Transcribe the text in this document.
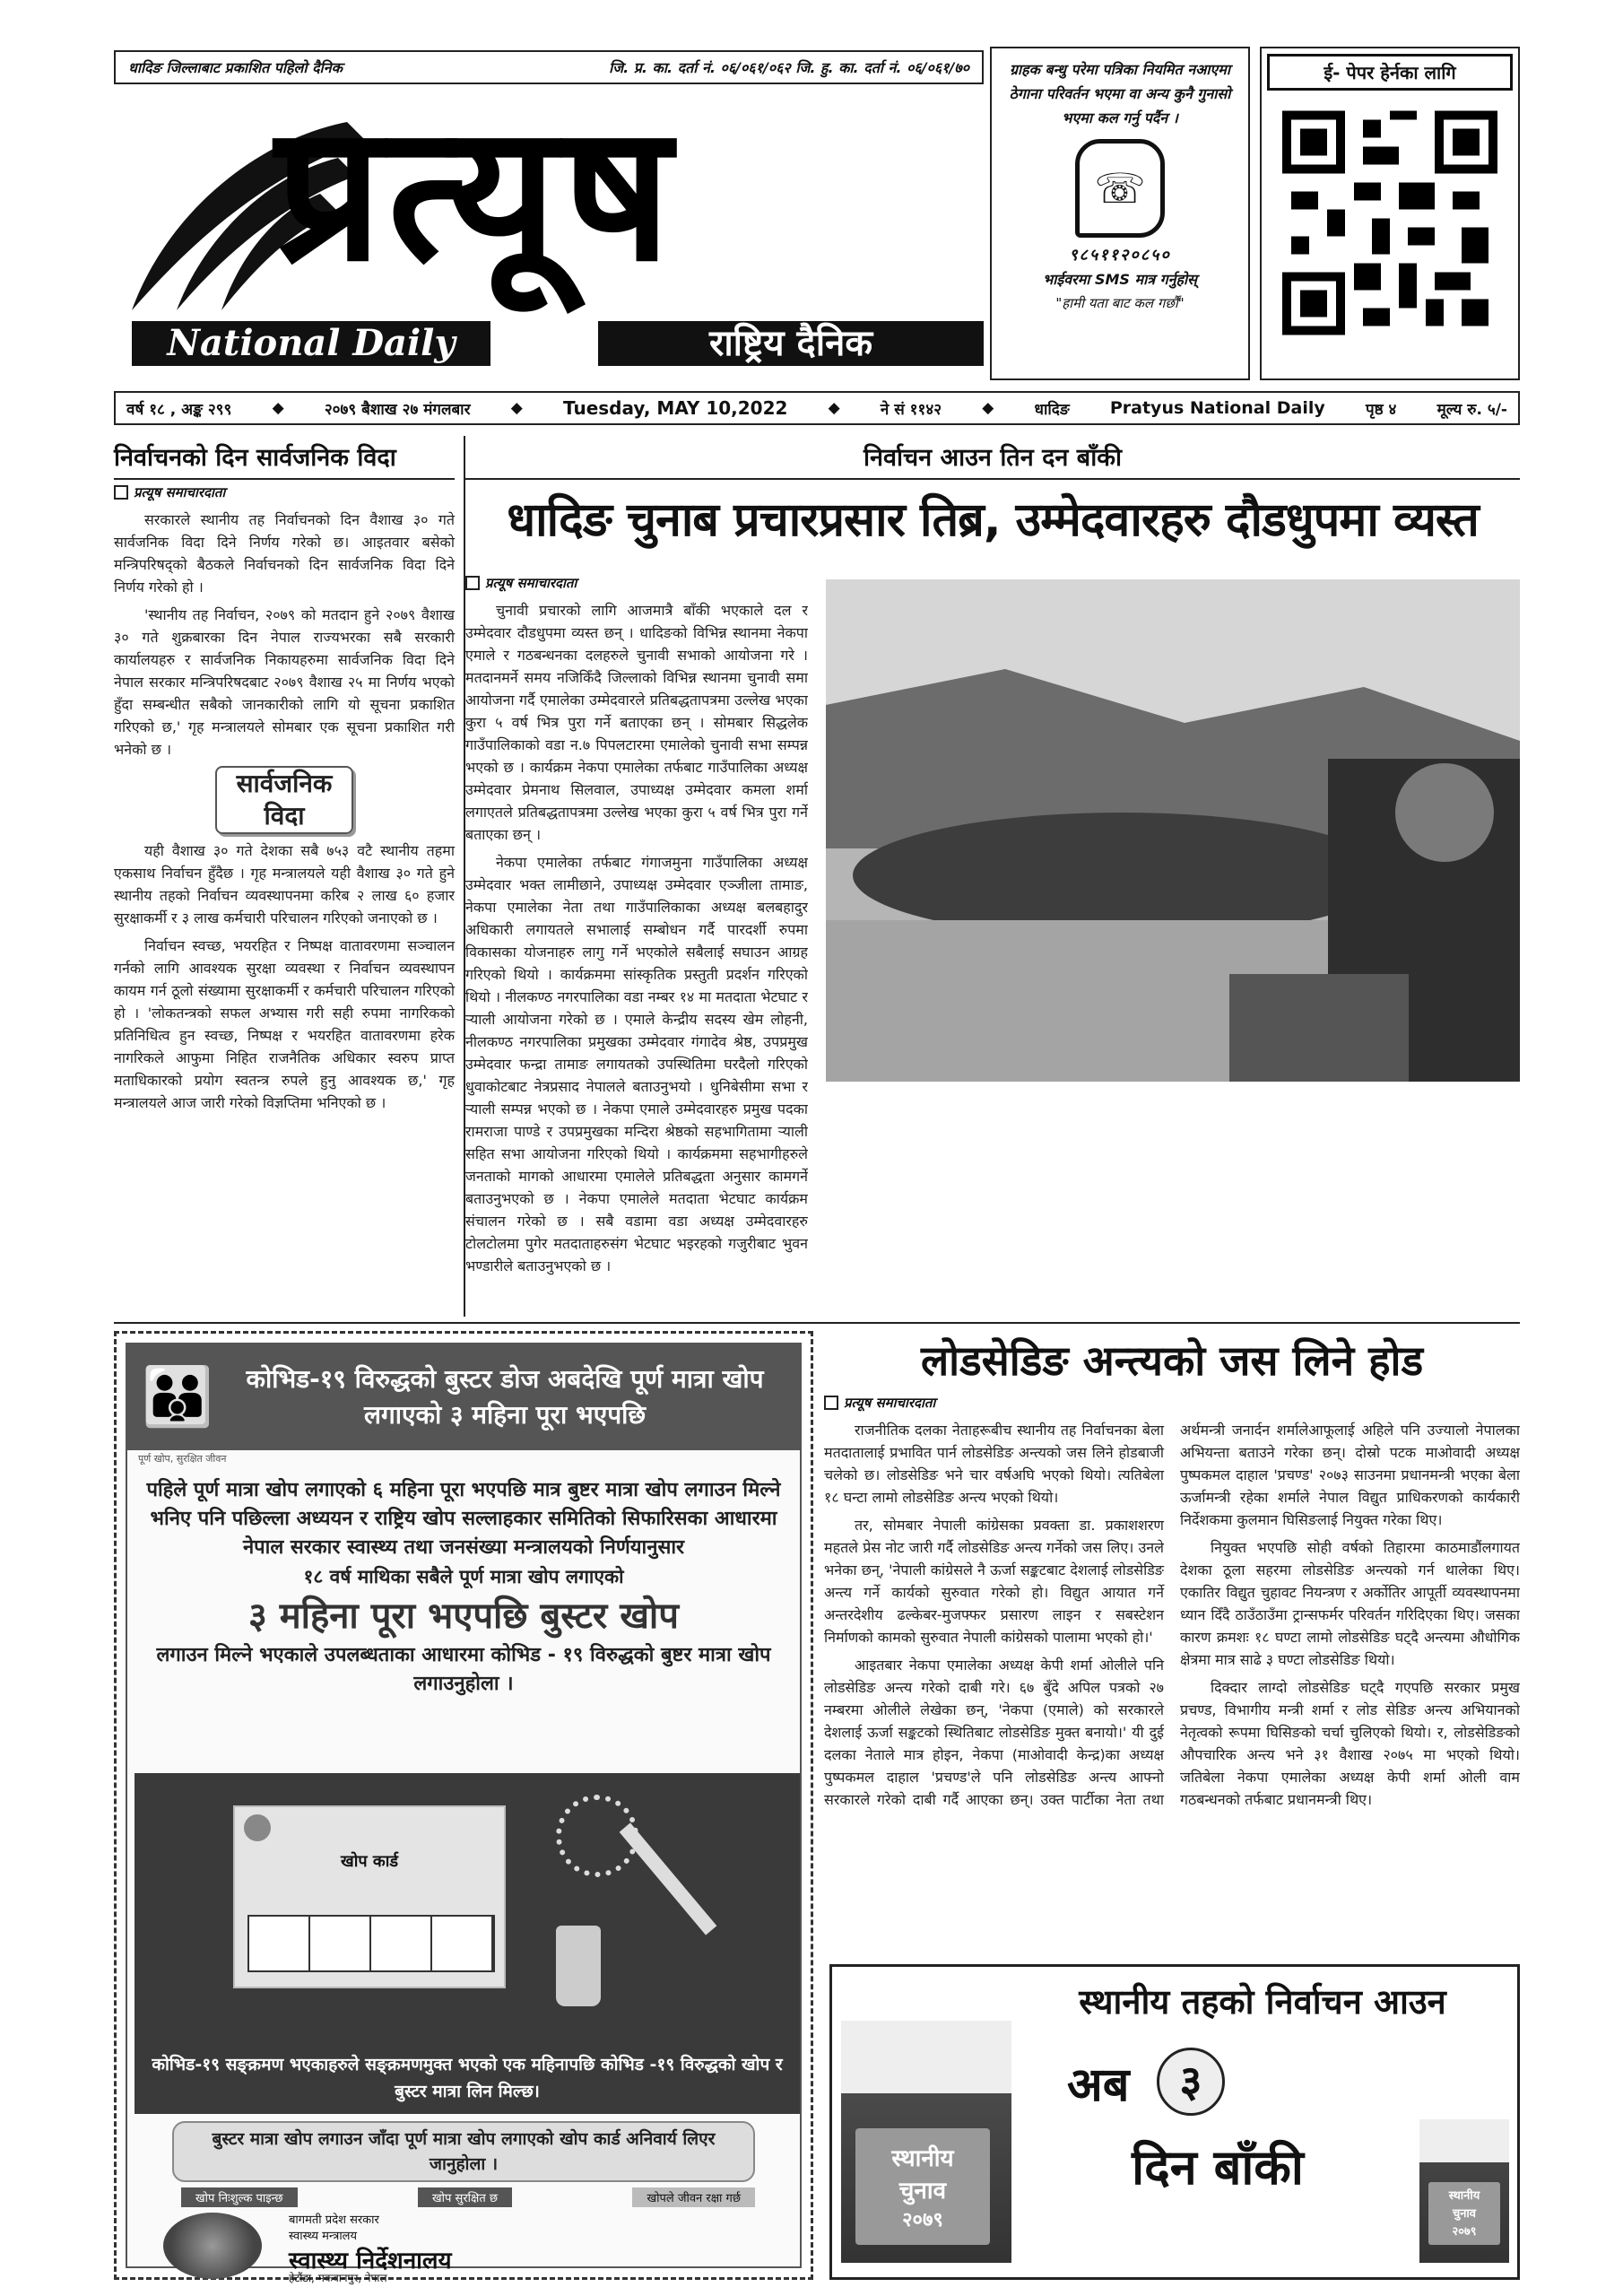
धादिङ जिल्लाबाट प्रकाशित पहिलो दैनिक	जि. प्र. का. दर्ता नं. ०६/०६१/०६२ जि. हु. का. दर्ता नं. ०६/०६१/७०
प्रत्यूष
National Daily	राष्ट्रिय दैनिक
ग्राहक बन्धु परेमा पत्रिका नियमित नआएमा ठेगाना परिवर्तन भएमा वा अन्य कुनै गुनासो भएमा कल गर्नु पर्दैन ।
☏
९८५११२०८५०
भाईवरमा SMS मात्र गर्नुहोस्
"हामी यता बाट कल गर्छौं"
ई- पेपर हेर्नका लागि
वर्ष १८ , अङ्क २९९	◆	२०७९ बैशाख २७ मंगलबार	◆ Tuesday, MAY 10,2022	◆	ने सं ११४२	◆	धादिङ Pratyus National Daily	पृष्ठ ४	मूल्य रु. ५/-
निर्वाचनको दिन सार्वजनिक विदा
प्रत्यूष समाचारदाता

सरकारले स्थानीय तह निर्वाचनको दिन वैशाख ३० गते सार्वजनिक विदा दिने निर्णय गरेको छ। आइतवार बसेको मन्त्रिपरिषद्को बैठकले निर्वाचनको दिन सार्वजनिक विदा दिने निर्णय गरेको हो ।

'स्थानीय तह निर्वाचन, २०७९ को मतदान हुने २०७९ वैशाख ३० गते शुक्रबारका दिन नेपाल राज्यभरका सबै सरकारी कार्यालयहरु र सार्वजनिक निकायहरुमा सार्वजनिक विदा दिने नेपाल सरकार मन्त्रिपरिषदबाट २०७९ वैशाख २५ मा निर्णय भएको हुँदा सम्बन्धीत सबैको जानकारीको लागि यो सूचना प्रकाशित गरिएको छ,' गृह मन्त्रालयले सोमबार एक सूचना प्रकाशित गरी भनेको छ ।

सार्वजनिक
विदा

यही वैशाख ३० गते देशका सबै ७५३ वटै स्थानीय तहमा एकसाथ निर्वाचन हुँदैछ । गृह मन्त्रालयले यही वैशाख ३० गते हुने स्थानीय तहको निर्वाचन व्यवस्थापनमा करिब २ लाख ६० हजार सुरक्षाकर्मी र ३ लाख कर्मचारी परिचालन गरिएको जनाएको छ ।

निर्वाचन स्वच्छ, भयरहित र निष्पक्ष वातावरणमा सञ्चालन गर्नको लागि आवश्यक सुरक्षा व्यवस्था र निर्वाचन व्यवस्थापन कायम गर्न ठूलो संख्यामा सुरक्षाकर्मी र कर्मचारी परिचालन गरिएको हो । 'लोकतन्त्रको सफल अभ्यास गरी सही रुपमा नागरिकको प्रतिनिधित्व हुन स्वच्छ, निष्पक्ष र भयरहित वातावरणमा हरेक नागरिकले आफुमा निहित राजनैतिक अधिकार स्वरुप प्राप्त मताधिकारको प्रयोग स्वतन्त्र रुपले हुनु आवश्यक छ,' गृह मन्त्रालयले आज जारी गरेको विज्ञप्तिमा भनिएको छ ।

निर्वाचन आउन तिन दन बाँकी
धादिङ चुनाब प्रचारप्रसार तिब्र, उम्मेदवारहरु दौडधुपमा व्यस्त
प्रत्यूष समाचारदाता

चुनावी प्रचारको लागि आजमात्रै बाँकी भएकाले दल र उम्मेदवार दौडधुपमा व्यस्त छन् । धादिङको विभिन्न स्थानमा नेकपा एमाले र गठबन्धनका दलहरुले चुनावी सभाको आयोजना गरे । मतदानमर्ने समय नजिकिँदै जिल्लाको विभिन्न स्थानमा चुनावी समा आयोजना गर्दै एमालेका उम्मेदवारले प्रतिबद्धतापत्रमा उल्लेख भएका कुरा ५ वर्ष भित्र पुरा गर्ने बताएका छन् । सोमबार सिद्धलेक गाउँपालिकाको वडा न.७ पिपलटारमा एमालेको चुनावी सभा सम्पन्न भएको छ । कार्यक्रम नेकपा एमालेका तर्फबाट गाउँपालिका अध्यक्ष उम्मेदवार प्रेमनाथ सिलवाल, उपाध्यक्ष उम्मेदवार कमला शर्मा लगाएतले प्रतिबद्धतापत्रमा उल्लेख भएका कुरा ५ वर्ष भित्र पुरा गर्ने बताएका छन् ।

नेकपा एमालेका तर्फबाट गंगाजमुना गाउँपालिका अध्यक्ष उम्मेदवार भक्त लामीछाने, उपाध्यक्ष उम्मेदवार एञ्जीला तामाङ, नेकपा एमालेका नेता तथा गाउँपालिकाका अध्यक्ष बलबहादुर अधिकारी लगायतले सभालाई सम्बोधन गर्दै पारदर्शी रुपमा विकासका योजनाहरु लागु गर्ने भएकोले सबैलाई सघाउन आग्रह गरिएको थियो । कार्यक्रममा सांस्कृतिक प्रस्तुती प्रदर्शन गरिएको थियो । नीलकण्ठ नगरपालिका वडा नम्बर १४ मा मतदाता भेटघाट र ऱ्याली आयोजना गरेको छ । एमाले केन्द्रीय सदस्य खेम लोहनी, नीलकण्ठ नगरपालिका प्रमुखका उम्मेदवार गंगादेव श्रेष्ठ, उपप्रमुख उम्मेदवार फन्द्रा तामाङ लगायतको उपस्थितिमा घरदैलो गरिएको धुवाकोटबाट नेत्रप्रसाद नेपालले बताउनुभयो । धुनिबेसीमा सभा र ऱ्याली सम्पन्न भएको छ । नेकपा एमाले उम्मेदवारहरु प्रमुख पदका रामराजा पाण्डे र उपप्रमुखका मन्दिरा श्रेष्ठको सहभागितामा ऱ्याली सहित सभा आयोजना गरिएको थियो । कार्यक्रममा सहभागीहरुले जनताको मागको आधारमा एमालेले प्रतिबद्धता अनुसार कामगर्ने बताउनुभएको छ । नेकपा एमालेले मतदाता भेटघाट कार्यक्रम संचालन गरेको छ । सबै वडामा वडा अध्यक्ष उम्मेदवारहरु टोलटोलमा पुगेर मतदाताहरुसंग भेटघाट भइरहको गजुरीबाट भुवन भण्डारीले बताउनुभएको छ ।

👪	कोभिड-१९ विरुद्धको बुस्टर डोज अबदेखि पूर्ण मात्रा खोप लगाएको ३ महिना पूरा भएपछि
पूर्ण खोप, सुरक्षित जीवन
पहिले पूर्ण मात्रा खोप लगाएको ६ महिना पूरा भएपछि मात्र बुष्टर मात्रा खोप लगाउन मिल्ने भनिए पनि पछिल्ला अध्ययन र राष्ट्रिय खोप सल्लाहकार समितिको सिफारिसका आधारमा नेपाल सरकार स्वास्थ्य तथा जनसंख्या मन्त्रालयको निर्णयानुसार
१८ वर्ष माथिका सबैले पूर्ण मात्रा खोप लगाएको
३ महिना पूरा भएपछि बुस्टर खोप
लगाउन मिल्ने भएकाले उपलब्धताका आधारमा कोभिड - १९ विरुद्धको बुष्टर मात्रा खोप लगाउनुहोला ।
खोप कार्ड
कोभिड-१९ सङ्क्रमण भएकाहरुले सङ्क्रमणमुक्त भएको एक महिनापछि कोभिड -१९ विरुद्धको खोप र बुस्टर मात्रा लिन मिल्छ।
बुस्टर मात्रा खोप लगाउन जाँदा पूर्ण मात्रा खोप लगाएको खोप कार्ड अनिवार्य लिएर जानुहोला ।
खोप निःशुल्क पाइन्छ	खोप सुरक्षित छ	खोपले जीवन रक्षा गर्छ
बागमती प्रदेश सरकार
स्वास्थ्य मन्त्रालय
स्वास्थ्य निर्देशनालय
हेटौंडा, मकवानपुर, नेपाल
लोडसेडिङ अन्त्यको जस लिने होड
प्रत्यूष समाचारदाता

राजनीतिक दलका नेताहरूबीच स्थानीय तह निर्वाचनका बेला मतदातालाई प्रभावित पार्न लोडसेडिङ अन्त्यको जस लिने होडबाजी चलेको छ। लोडसेडिङ भने चार वर्षअघि भएको थियो। त्यतिबेला १८ घन्टा लामो लोडसेडिङ अन्त्य भएको थियो।

तर, सोमबार नेपाली कांग्रेसका प्रवक्ता डा. प्रकाशशरण महतले प्रेस नोट जारी गर्दै लोडसेडिङ अन्त्य गर्नेको जस लिए। उनले भनेका छन्, 'नेपाली कांग्रेसले नै ऊर्जा सङ्कटबाट देशलाई लोडसेडिङ अन्त्य गर्ने कार्यको सुरुवात गरेको हो। विद्युत आयात गर्ने अन्तरदेशीय ढल्केबर-मुजफ्फर प्रसारण लाइन र सबस्टेशन निर्माणको कामको सुरुवात नेपाली कांग्रेसको पालामा भएको हो।'

आइतबार नेकपा एमालेका अध्यक्ष केपी शर्मा ओलीले पनि लोडसेडिङ अन्त्य गरेको दाबी गरे। ६७ बुँदे अपिल पत्रको २७ नम्बरमा ओलीले लेखेका छन्, 'नेकपा (एमाले) को सरकारले देशलाई ऊर्जा सङ्कटको स्थितिबाट लोडसेडिङ मुक्त बनायो।' यी दुई दलका नेताले मात्र होइन, नेकपा (माओवादी केन्द्र)का अध्यक्ष पुष्पकमल दाहाल 'प्रचण्ड'ले पनि लोडसेडिङ अन्त्य आफ्नो सरकारले गरेको दाबी गर्दै आएका छन्। उक्त पार्टीका नेता तथा अर्थमन्त्री जनार्दन शर्मालेआफूलाई अहिले पनि उज्यालो नेपालका अभियन्ता बताउने गरेका छन्। दोस्रो पटक माओवादी अध्यक्ष पुष्पकमल दाहाल 'प्रचण्ड' २०७३ साउनमा प्रधानमन्त्री भएका बेला ऊर्जामन्त्री रहेका शर्माले नेपाल विद्युत प्राधिकरणको कार्यकारी निर्देशकमा कुलमान घिसिङलाई नियुक्त गरेका थिए।

नियुक्त भएपछि सोही वर्षको तिहारमा काठमाडौंलगायत देशका ठूला सहरमा लोडसेडिङ अन्त्यको गर्न थालेका थिए। एकातिर विद्युत चुहावट नियन्त्रण र अर्कोतिर आपूर्ती व्यवस्थापनमा ध्यान दिँदै ठाउँठाउँमा ट्रान्सफर्मर परिवर्तन गरिदिएका थिए। जसका कारण क्रमशः १८ घण्टा लामो लोडसेडिङ घट्दै अन्त्यमा औधोगिक क्षेत्रमा मात्र साढे ३ घण्टा लोडसेडिङ थियो।

दिक्दार लाग्दो लोडसेडिङ घट्दै गएपछि सरकार प्रमुख प्रचण्ड, विभागीय मन्त्री शर्मा र लोड सेडिङ अन्त्य अभियानको नेतृत्वको रूपमा घिसिङको चर्चा चुलिएको थियो। र, लोडसेडिङको औपचारिक अन्त्य भने ३१ वैशाख २०७५ मा भएको थियो। जतिबेला नेकपा एमालेका अध्यक्ष केपी शर्मा ओली वाम गठबन्धनको तर्फबाट प्रधानमन्त्री थिए।

स्थानीय
चुनाव
२०७९
स्थानीय तहको निर्वाचन आउन
अब	३
दिन बाँकी
स्थानीय
चुनाव
२०७९
